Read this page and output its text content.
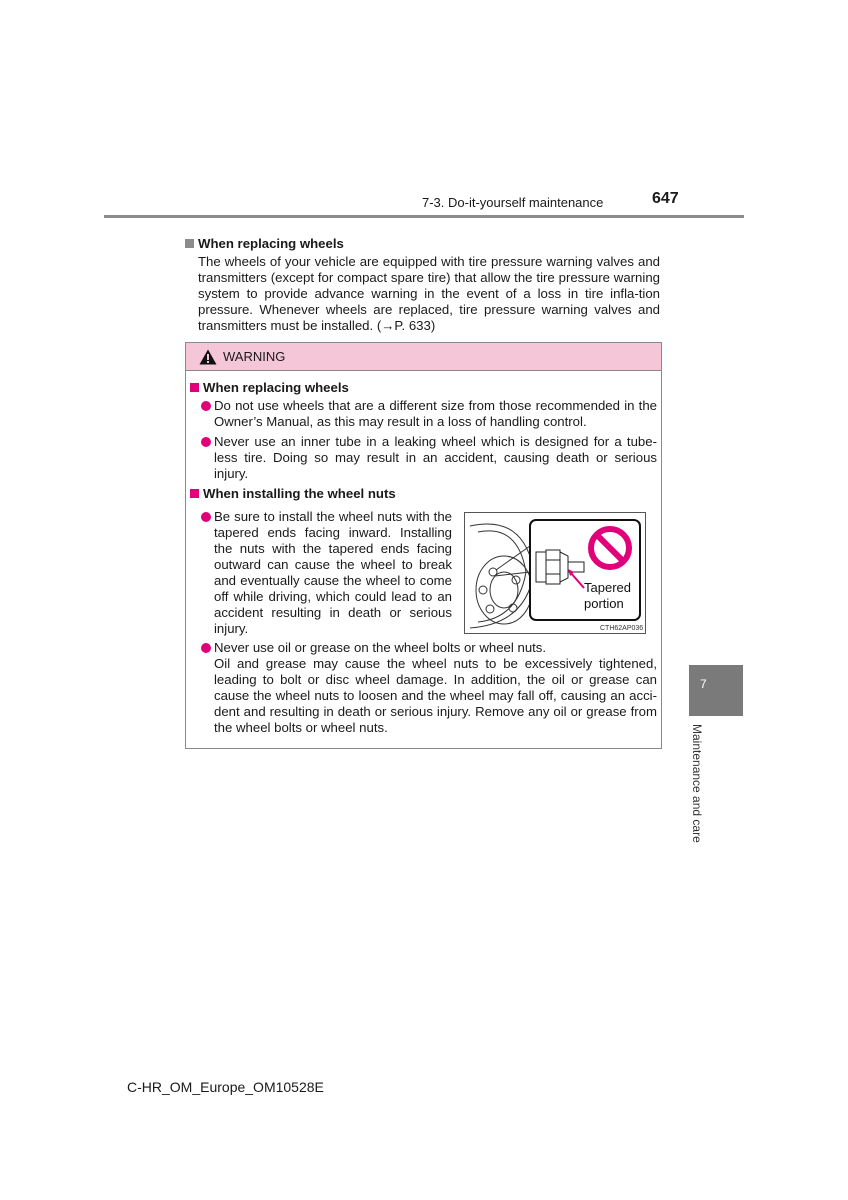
7-3. Do-it-yourself maintenance	647
When replacing wheels
The wheels of your vehicle are equipped with tire pressure warning valves and transmitters (except for compact spare tire) that allow the tire pressure warning system to provide advance warning in the event of a loss in tire infla-tion pressure. Whenever wheels are replaced, tire pressure warning valves and transmitters must be installed. (→P. 633)
WARNING
When replacing wheels
Do not use wheels that are a different size from those recommended in the Owner’s Manual, as this may result in a loss of handling control.
Never use an inner tube in a leaking wheel which is designed for a tube-less tire. Doing so may result in an accident, causing death or serious injury.
When installing the wheel nuts
Be sure to install the wheel nuts with the tapered ends facing inward. Installing the nuts with the tapered ends facing outward can cause the wheel to break and eventually cause the wheel to come off while driving, which could lead to an accident resulting in death or serious injury.
Tapered
portion
CTH62AP036
Never use oil or grease on the wheel bolts or wheel nuts.
Oil and grease may cause the wheel nuts to be excessively tightened, leading to bolt or disc wheel damage. In addition, the oil or grease can cause the wheel nuts to loosen and the wheel may fall off, causing an acci-dent and resulting in death or serious injury. Remove any oil or grease from the wheel bolts or wheel nuts.
7
Maintenance and care
C-HR_OM_Europe_OM10528E
